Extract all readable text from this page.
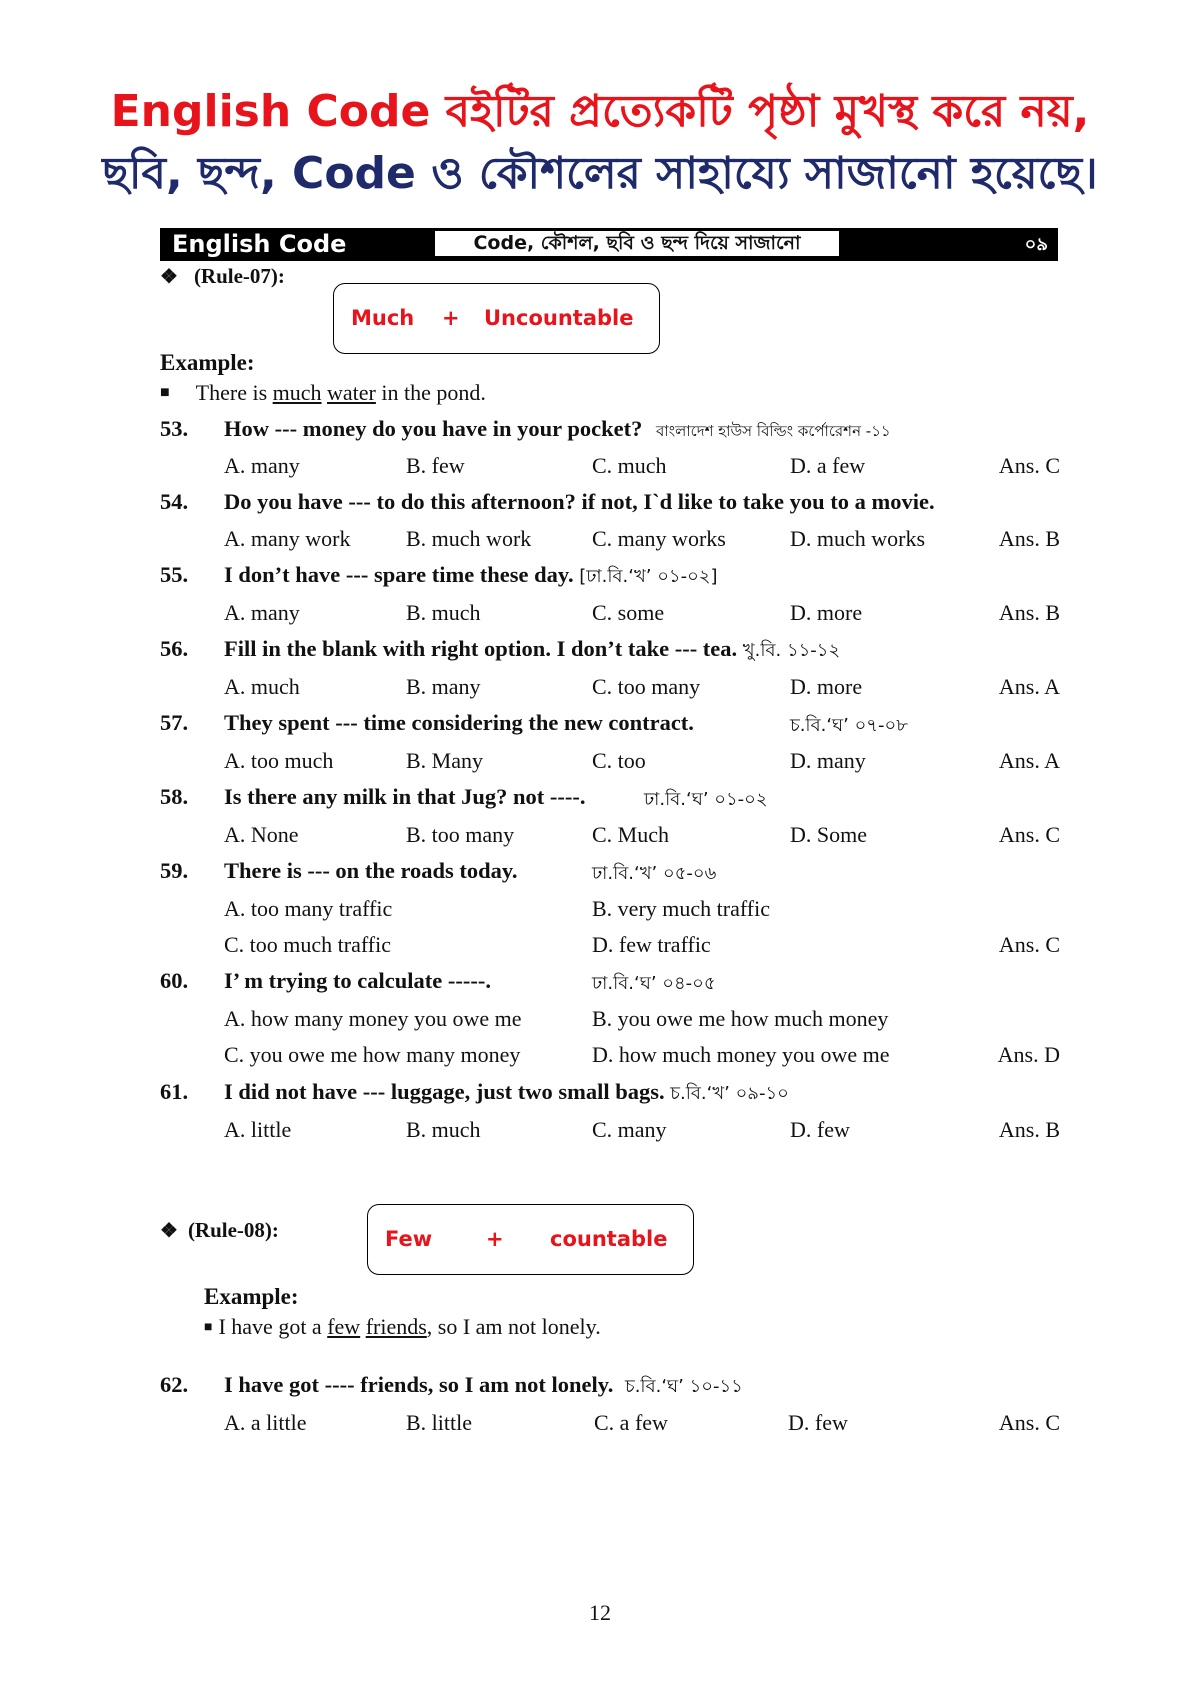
English Code বইটির প্রত্যেকটি পৃষ্ঠা মুখস্থ করে নয়,
ছবি, ছন্দ, Code ও কৌশলের সাহায্যে সাজানো হয়েছে।
English Code	Code, কৌশল, ছবি ও ছন্দ দিয়ে সাজানো	০৯
❖ (Rule-07):
Much + Uncountable
Example:
■ There is much water in the pond.
53. How --- money do you have in your pocket? বাংলাদেশ হাউস বিল্ডিং কর্পোরেশন -১১
A. many	B. few	C. much	D. a few	Ans. C
54. Do you have --- to do this afternoon? if not, I`d like to take you to a movie.
A. many work	B. much work	C. many works	D. much works	Ans. B
55. I don’t have --- spare time these day. [ঢা.বি.‘খ’ ০১-০২]
A. many	B. much	C. some	D. more	Ans. B
56. Fill in the blank with right option. I don’t take --- tea. খু.বি. ১১-১২
A. much	B. many	C. too many	D. more	Ans. A
57. They spent --- time considering the new contract.	চ.বি.‘ঘ’ ০৭-০৮
A. too much	B. Many	C. too	D. many	Ans. A
58. Is there any milk in that Jug? not ----.	ঢা.বি.‘ঘ’ ০১-০২
A. None	B. too many	C. Much	D. Some	Ans. C
59. There is --- on the roads today.	ঢা.বি.‘খ’ ০৫-০৬
A. too many traffic	B. very much traffic
C. too much traffic	D. few traffic	Ans. C
60. I’ m trying to calculate -----.	ঢা.বি.‘ঘ’ ০৪-০৫
A. how many money you owe me	B. you owe me how much money
C. you owe me how many money	D. how much money you owe me	Ans. D
61. I did not have --- luggage, just two small bags. চ.বি.‘খ’ ০৯-১০
A. little	B. much	C. many	D. few	Ans. B
❖ (Rule-08):	Few	+ countable
Example:
■ I have got a few friends, so I am not lonely.
62. I have got ---- friends, so I am not lonely. চ.বি.‘ঘ’ ১০-১১
A. a little	B. little	C. a few	D. few	Ans. C
12
